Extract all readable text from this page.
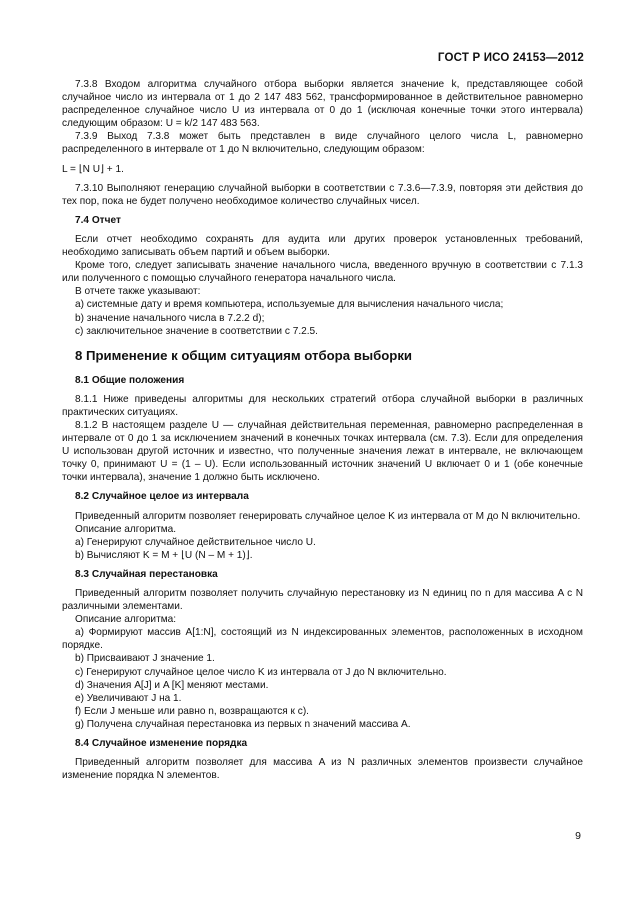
ГОСТ Р ИСО 24153—2012

7.3.8 Входом алгоритма случайного отбора выборки является значение k, представляющее собой случайное число из интервала от 1 до 2 147 483 562, трансформированное в действительное равномерно распределенное случайное число U из интервала от 0 до 1 (исключая конечные точки этого интервала) следующим образом: U = k/2 147 483 563.

7.3.9 Выход 7.3.8 может быть представлен в виде случайного целого числа L, равномерно распределенного в интервале от 1 до N включительно, следующим образом:

L = ⌊N U⌋ + 1.

7.3.10 Выполняют генерацию случайной выборки в соответствии с 7.3.6—7.3.9, повторяя эти действия до тех пор, пока не будет получено необходимое количество случайных чисел.

7.4 Отчет

Если отчет необходимо сохранять для аудита или других проверок установленных требований, необходимо записывать объем партий и объем выборки.

Кроме того, следует записывать значение начального числа, введенного вручную в соответствии с 7.1.3 или полученного с помощью случайного генератора начального числа.

В отчете также указывают:

а) системные дату и время компьютера, используемые для вычисления начального числа;

b) значение начального числа в 7.2.2 d);

c) заключительное значение в соответствии с 7.2.5.

8 Применение к общим ситуациям отбора выборки

8.1 Общие положения

8.1.1 Ниже приведены алгоритмы для нескольких стратегий отбора случайной выборки в различных практических ситуациях.

8.1.2 В настоящем разделе U — случайная действительная переменная, равномерно распределенная в интервале от 0 до 1 за исключением значений в конечных точках интервала (см. 7.3). Если для определения U использован другой источник и известно, что полученные значения лежат в интервале, не включающем точку 0, принимают U = (1 – U). Если использованный источник значений U включает 0 и 1 (обе конечные точки интервала), значение 1 должно быть исключено.

8.2 Случайное целое из интервала

Приведенный алгоритм позволяет генерировать случайное целое K из интервала от M до N включительно.

Описание алгоритма.

а) Генерируют случайное действительное число U.

b) Вычисляют K = M + ⌊U (N – M + 1)⌋.

8.3 Случайная перестановка

Приведенный алгоритм позволяет получить случайную перестановку из N единиц по n для массива A с N различными элементами.

Описание алгоритма:

а) Формируют массив A[1:N], состоящий из N индексированных элементов, расположенных в исходном порядке.

b) Присваивают J значение 1.

c) Генерируют случайное целое число K из интервала от J до N включительно.

d) Значения A[J] и A [K] меняют местами.

e) Увеличивают J на 1.

f) Если J меньше или равно n, возвращаются к с).

g) Получена случайная перестановка из первых n значений массива A.

8.4 Случайное изменение порядка

Приведенный алгоритм позволяет для массива A из N различных элементов произвести случайное изменение порядка N элементов.

9
